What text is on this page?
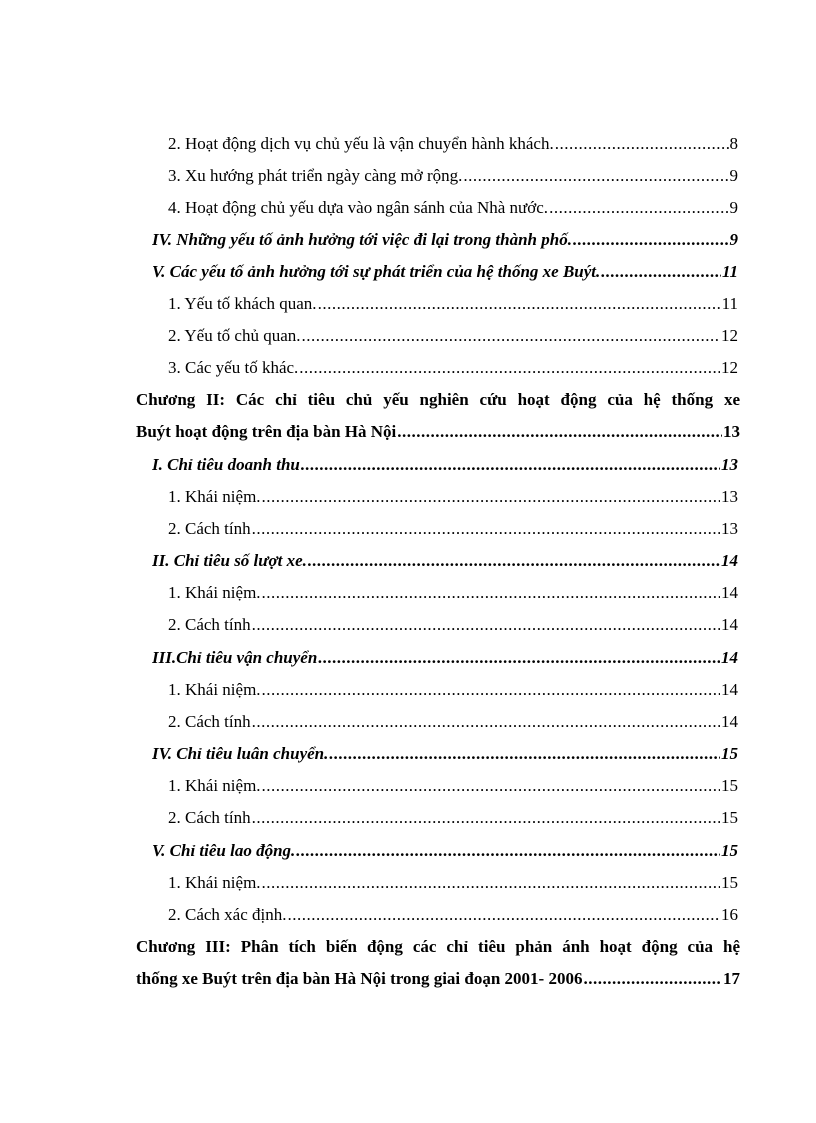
2. Hoạt động dịch vụ chủ yếu là vận chuyển hành khách. .....	8
3. Xu hướng phát triển ngày càng mở rộng. .....	9
4. Hoạt động chủ yếu dựa vào ngân sánh của Nhà nước. .....	9
IV. Những yếu tố ảnh hưởng tới việc đi lại trong thành phố. .....	9
V. Các yếu tố ảnh hưởng tới sự phát triển của hệ thống xe Buýt. .....	11
1. Yếu tố khách quan. .....	11
2. Yếu tố chủ quan. .....	12
3. Các yếu tố khác. .....	12
Chương II: Các chỉ tiêu chủ yếu nghiên cứu hoạt động của hệ thống xe
Buýt hoạt động trên địa bàn Hà Nội .....	13
I. Chỉ tiêu doanh thu .....	13
1. Khái niệm. .....	13
2. Cách tính .....	13
II. Chỉ tiêu số lượt xe. .....	14
1. Khái niệm. .....	14
2. Cách tính .....	14
III.Chỉ tiêu vận chuyển .....	14
1. Khái niệm. .....	14
2. Cách tính .....	14
IV. Chỉ tiêu luân chuyển. .....	15
1. Khái niệm. .....	15
2. Cách tính .....	15
V. Chỉ tiêu lao động. .....	15
1. Khái niệm. .....	15
2. Cách xác định. .....	16
Chương III: Phân tích biến động các chỉ tiêu phản ánh hoạt động của hệ
thống xe Buýt trên địa bàn Hà Nội trong giai đoạn 2001- 2006 .....	17
